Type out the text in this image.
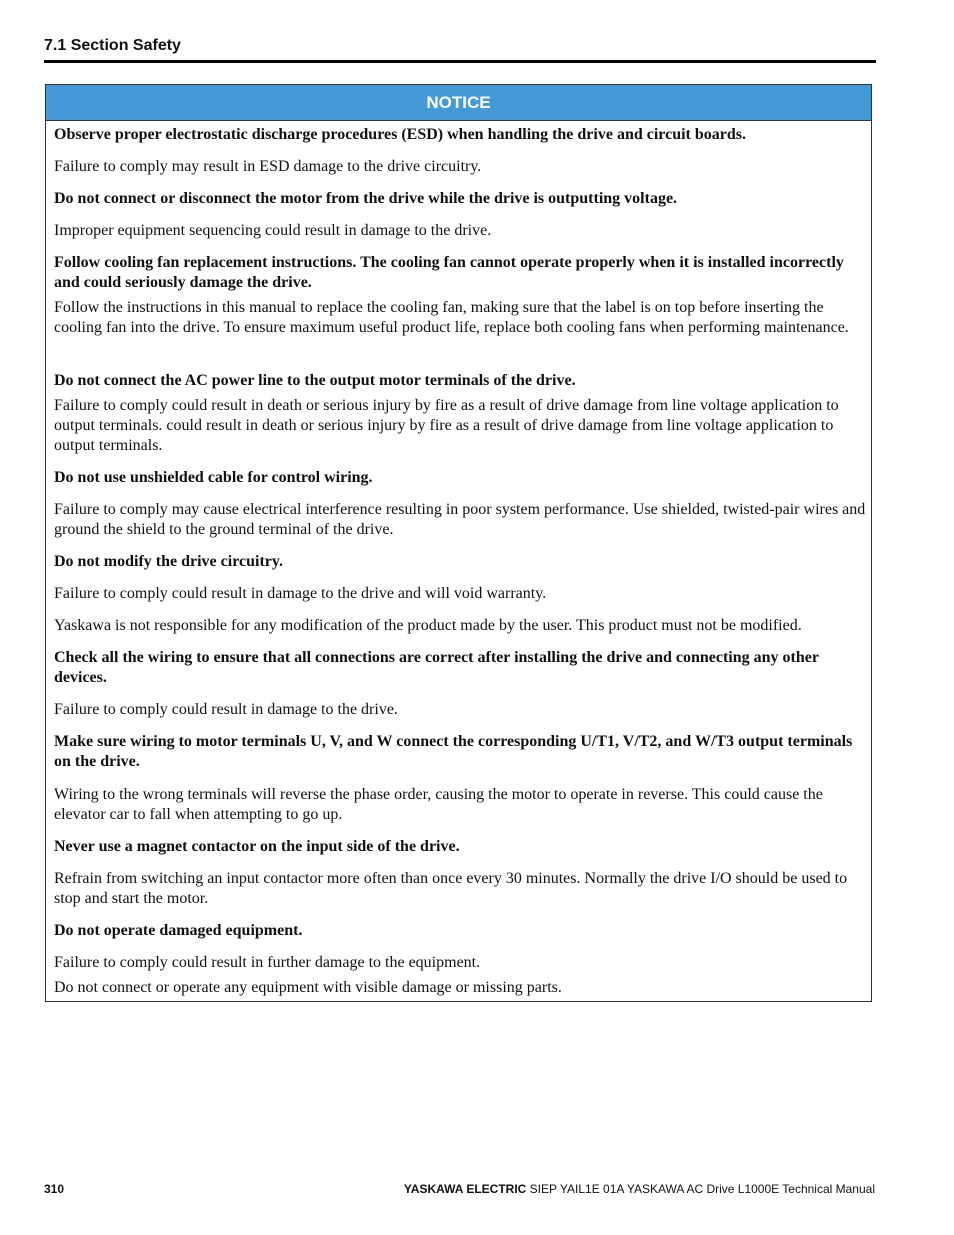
7.1 Section Safety
NOTICE
Observe proper electrostatic discharge procedures (ESD) when handling the drive and circuit boards.
Failure to comply may result in ESD damage to the drive circuitry.
Do not connect or disconnect the motor from the drive while the drive is outputting voltage.
Improper equipment sequencing could result in damage to the drive.
Follow cooling fan replacement instructions. The cooling fan cannot operate properly when it is installed incorrectly and could seriously damage the drive.
Follow the instructions in this manual to replace the cooling fan, making sure that the label is on top before inserting the cooling fan into the drive. To ensure maximum useful product life, replace both cooling fans when performing maintenance.
Do not connect the AC power line to the output motor terminals of the drive.
Failure to comply could result in death or serious injury by fire as a result of drive damage from line voltage application to output terminals. could result in death or serious injury by fire as a result of drive damage from line voltage application to output terminals.
Do not use unshielded cable for control wiring.
Failure to comply may cause electrical interference resulting in poor system performance. Use shielded, twisted-pair wires and ground the shield to the ground terminal of the drive.
Do not modify the drive circuitry.
Failure to comply could result in damage to the drive and will void warranty.
Yaskawa is not responsible for any modification of the product made by the user. This product must not be modified.
Check all the wiring to ensure that all connections are correct after installing the drive and connecting any other devices.
Failure to comply could result in damage to the drive.
Make sure wiring to motor terminals U, V, and W connect the corresponding U/T1, V/T2, and W/T3 output terminals on the drive.
Wiring to the wrong terminals will reverse the phase order, causing the motor to operate in reverse. This could cause the elevator car to fall when attempting to go up.
Never use a magnet contactor on the input side of the drive.
Refrain from switching an input contactor more often than once every 30 minutes. Normally the drive I/O should be used to stop and start the motor.
Do not operate damaged equipment.
Failure to comply could result in further damage to the equipment.
Do not connect or operate any equipment with visible damage or missing parts.
310	YASKAWA ELECTRIC SIEP YAIL1E 01A YASKAWA AC Drive L1000E Technical Manual
